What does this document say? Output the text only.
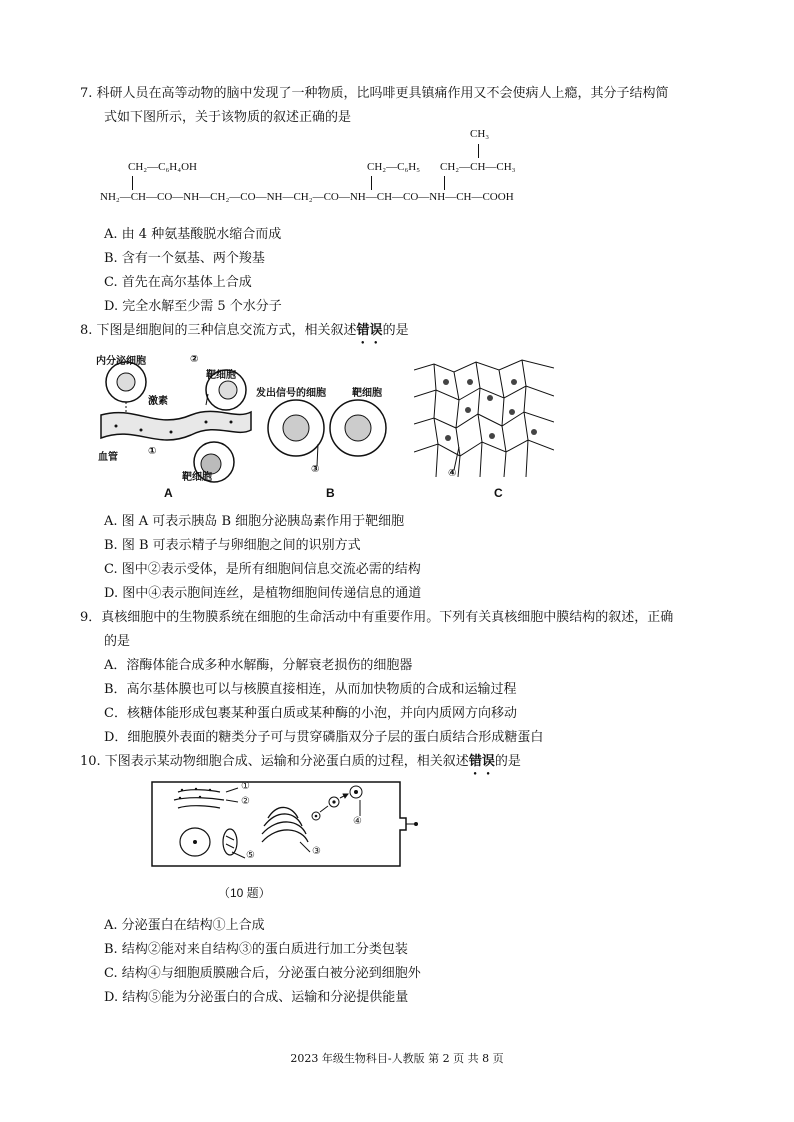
7. 科研人员在高等动物的脑中发现了一种物质，比吗啡更具镇痛作用又不会使病人上瘾，其分子结构简
式如下图所示，关于该物质的叙述正确的是
CH₃
CH₂—C₆H₄OH	CH₂—C₆H₅ CH₂—CH—CH₃
NH₂—CH—CO—NH—CH₂—CO—NH—CH₂—CO—NH—CH—CO—NH—CH—COOH
A. 由 4 种氨基酸脱水缩合而成
B. 含有一个氨基、两个羧基
C. 首先在高尔基体上合成
D. 完全水解至少需 5 个水分子
8. 下图是细胞间的三种信息交流方式，相关叙述错误的是
内分泌细胞
靶细胞
②
激素
血管
①
靶细胞
A
发出信号的细胞	靶细胞
③
B
④
C
A. 图 A 可表示胰岛 B 细胞分泌胰岛素作用于靶细胞
B. 图 B 可表示精子与卵细胞之间的识别方式
C. 图中②表示受体，是所有细胞间信息交流必需的结构
D. 图中④表示胞间连丝，是植物细胞间传递信息的通道
9．真核细胞中的生物膜系统在细胞的生命活动中有重要作用。下列有关真核细胞中膜结构的叙述，正确
的是
A．溶酶体能合成多种水解酶，分解衰老损伤的细胞器
B．高尔基体膜也可以与核膜直接相连，从而加快物质的合成和运输过程
C．核糖体能形成包裹某种蛋白质或某种酶的小泡，并向内质网方向移动
D．细胞膜外表面的糖类分子可与贯穿磷脂双分子层的蛋白质结合形成糖蛋白
10. 下图表示某动物细胞合成、运输和分泌蛋白质的过程，相关叙述错误的是
①
②
③
④
⑤
（10 题）
A. 分泌蛋白在结构①上合成
B. 结构②能对来自结构③的蛋白质进行加工分类包装
C. 结构④与细胞质膜融合后，分泌蛋白被分泌到细胞外
D. 结构⑤能为分泌蛋白的合成、运输和分泌提供能量
2023 年级生物科目-人教版 第 2 页 共 8 页
